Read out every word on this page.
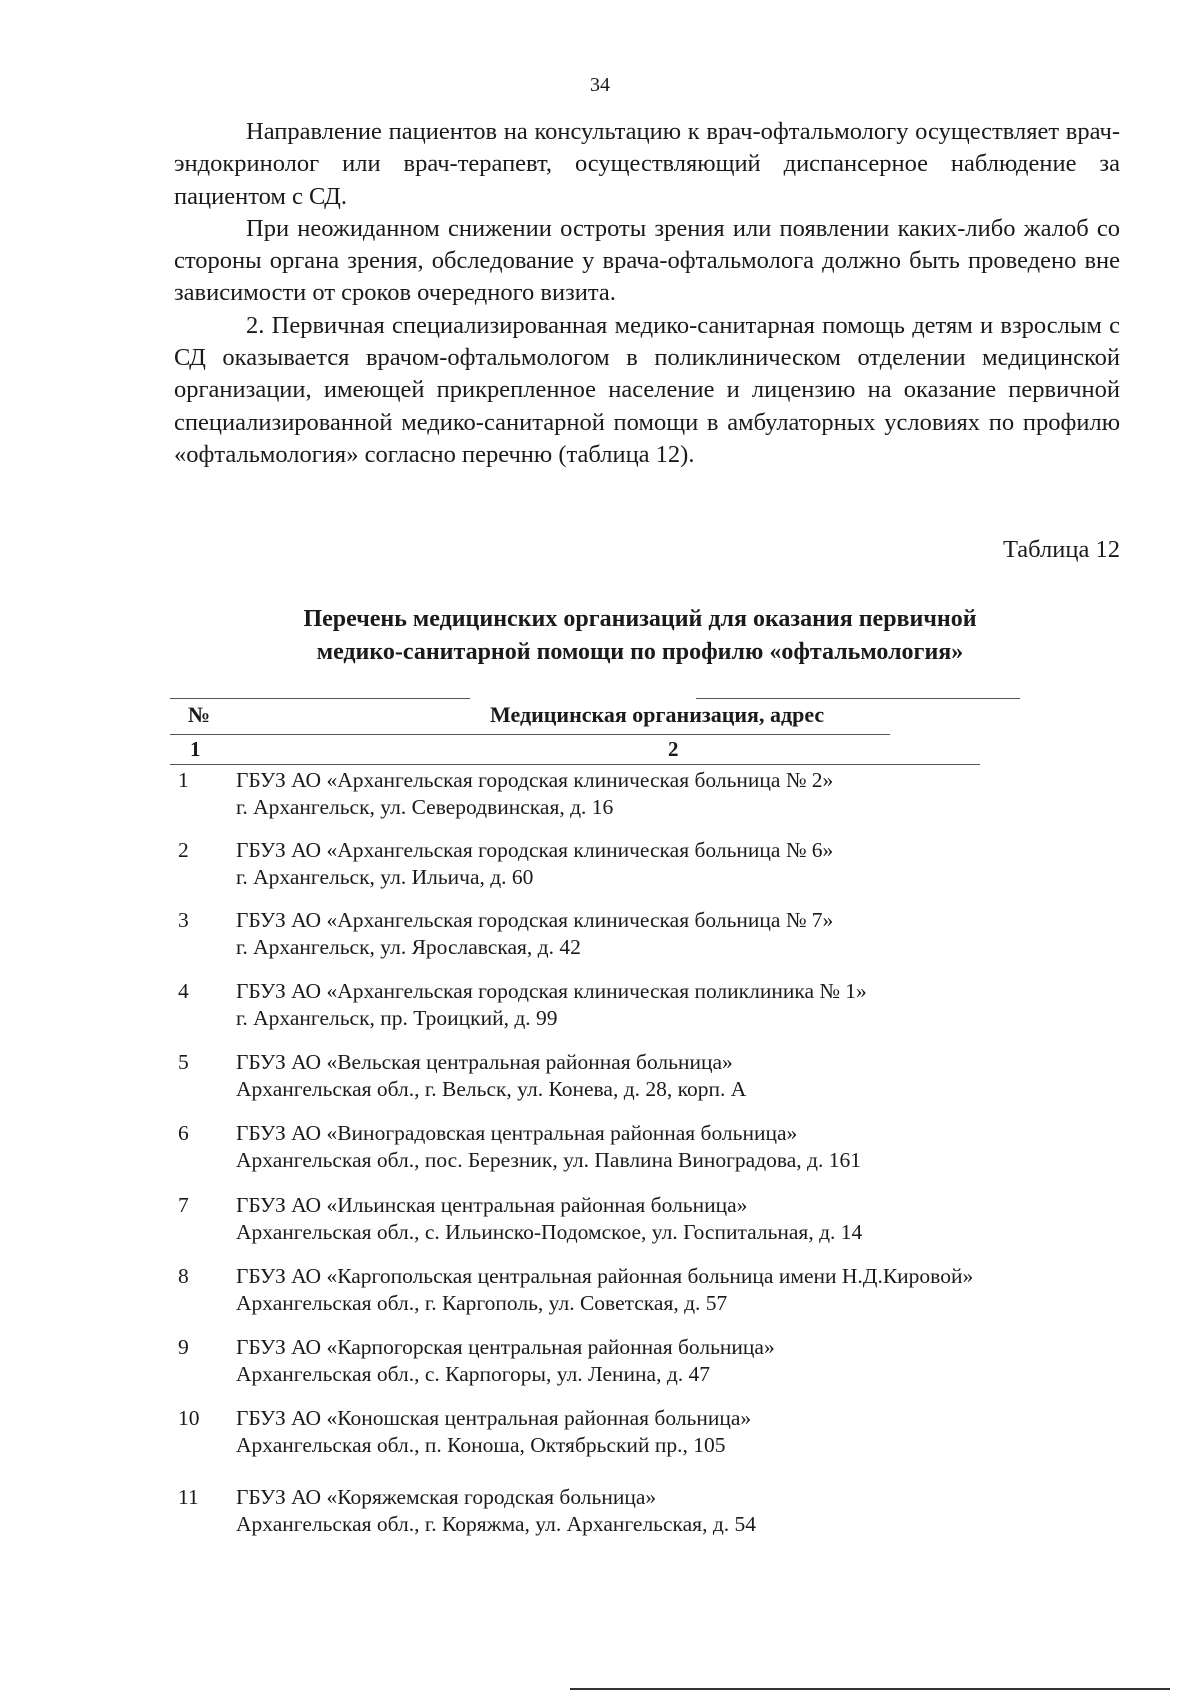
34

Направление пациентов на консультацию к врач-офтальмологу осуществляет врач-эндокринолог или врач-терапевт, осуществляющий диспансерное наблюдение за пациентом с СД.

При неожиданном снижении остроты зрения или появлении каких-либо жалоб со стороны органа зрения, обследование у врача-офтальмолога должно быть проведено вне зависимости от сроков очередного визита.

2. Первичная специализированная медико-санитарная помощь детям и взрослым с СД оказывается врачом-офтальмологом в поликлиническом отделении медицинской организации, имеющей прикрепленное население и лицензию на оказание первичной специализированной медико-санитарной помощи в амбулаторных условиях по профилю «офтальмология» согласно перечню (таблица 12).

Таблица 12
Перечень медицинских организаций для оказания первичной
медико-санитарной помощи по профилю «офтальмология»
№	Медицинская организация, адрес
1	2
1	ГБУЗ АО «Архангельская городская клиническая больница № 2»
г. Архангельск, ул. Северодвинская, д. 16
2	ГБУЗ АО «Архангельская городская клиническая больница № 6»
г. Архангельск, ул. Ильича, д. 60
3	ГБУЗ АО «Архангельская городская клиническая больница № 7»
г. Архангельск, ул. Ярославская, д. 42
4	ГБУЗ АО «Архангельская городская клиническая поликлиника № 1»
г. Архангельск, пр. Троицкий, д. 99
5	ГБУЗ АО «Вельская центральная районная больница»
Архангельская обл., г. Вельск, ул. Конева, д. 28, корп. А
6	ГБУЗ АО «Виноградовская центральная районная больница»
Архангельская обл., пос. Березник, ул. Павлина Виноградова, д. 161
7	ГБУЗ АО «Ильинская центральная районная больница»
Архангельская обл., с. Ильинско-Подомское, ул. Госпитальная, д. 14
8	ГБУЗ АО «Каргопольская центральная районная больница имени Н.Д.Кировой»
Архангельская обл., г. Каргополь, ул. Советская, д. 57
9	ГБУЗ АО «Карпогорская центральная районная больница»
Архангельская обл., с. Карпогоры, ул. Ленина, д. 47
10	ГБУЗ АО «Коношская центральная районная больница»
Архангельская обл., п. Коноша, Октябрьский пр., 105
11	ГБУЗ АО «Коряжемская городская больница»
Архангельская обл., г. Коряжма, ул. Архангельская, д. 54
